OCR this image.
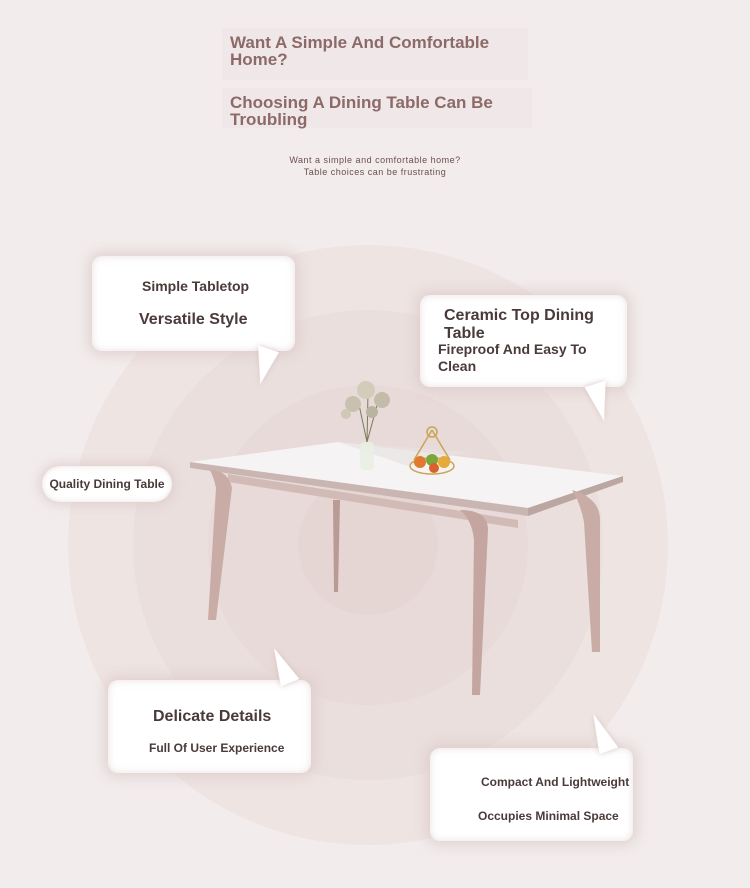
Want A Simple And Comfortable Home?
Choosing A Dining Table Can Be Troubling
Want a simple and comfortable home?
Table choices can be frustrating
Simple Tabletop
Versatile Style	Ceramic Top Dining Table
Fireproof And Easy To Clean
Quality Dining Table
Delicate Details
Full Of User Experience
Compact And Lightweight
Occupies Minimal Space
